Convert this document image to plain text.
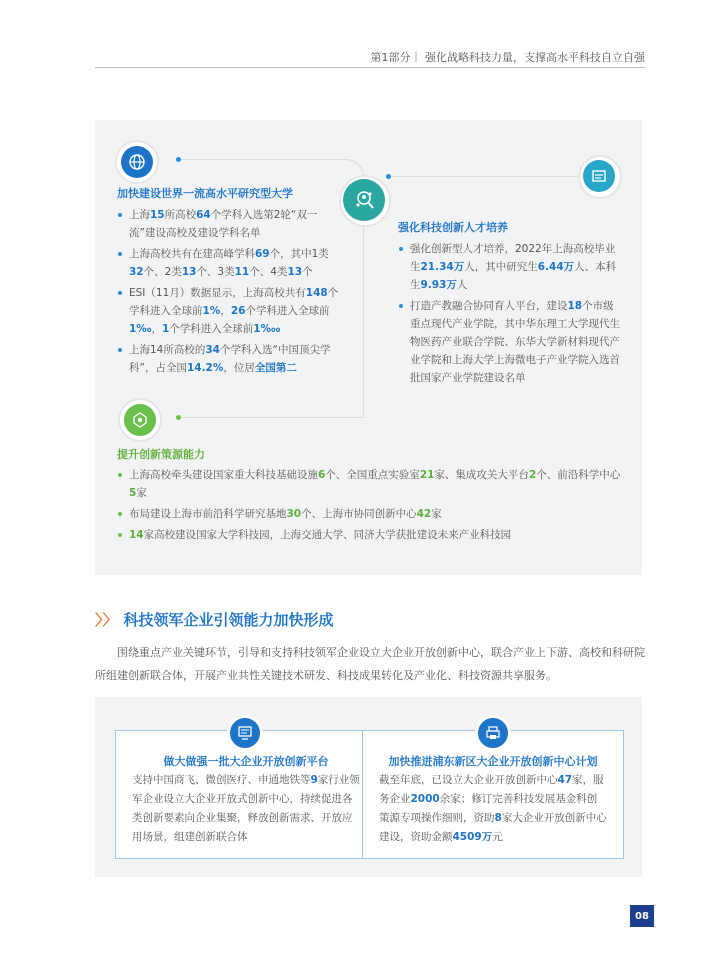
第1部分｜ 强化战略科技力量，支撑高水平科技自立自强
加快建设世界一流高水平研究型大学
上海15所高校64个学科入选第2轮“双一流”建设高校及建设学科名单
上海高校共有在建高峰学科69个，其中1类32个、2类13个、3类11个、4类13个
ESI（11月）数据显示，上海高校共有148个学科进入全球前1%，26个学科进入全球前1‰，1个学科进入全球前1‱
上海14所高校的34个学科入选“中国顶尖学科”，占全国14.2%，位居全国第二
强化科技创新人才培养
强化创新型人才培养，2022年上海高校毕业生21.34万人，其中研究生6.44万人、本科生9.93万人
打造产教融合协同育人平台，建设18个市级重点现代产业学院，其中华东理工大学现代生物医药产业联合学院、东华大学新材料现代产业学院和上海大学上海微电子产业学院入选首批国家产业学院建设名单
提升创新策源能力
上海高校牵头建设国家重大科技基础设施6个、全国重点实验室21家、集成攻关大平台2个、前沿科学中心5家
布局建设上海市前沿科学研究基地30个、上海市协同创新中心42家
14家高校建设国家大学科技园，上海交通大学、同济大学获批建设未来产业科技园
〉〉 科技领军企业引领能力加快形成
围绕重点产业关键环节，引导和支持科技领军企业设立大企业开放创新中心，联合产业上下游、高校和科研院所组建创新联合体，开展产业共性关键技术研发、科技成果转化及产业化、科技资源共享服务。
做大做强一批大企业开放创新平台
支持中国商飞、微创医疗、申通地铁等9家行业领军企业设立大企业开放式创新中心，持续促进各类创新要素向企业集聚，释放创新需求、开放应用场景，组建创新联合体
加快推进浦东新区大企业开放创新中心计划
截至年底，已设立大企业开放创新中心47家，服务企业2000余家；修订完善科技发展基金科创策源专项操作细则，资助8家大企业开放创新中心建设，资助金额4509万元
08
